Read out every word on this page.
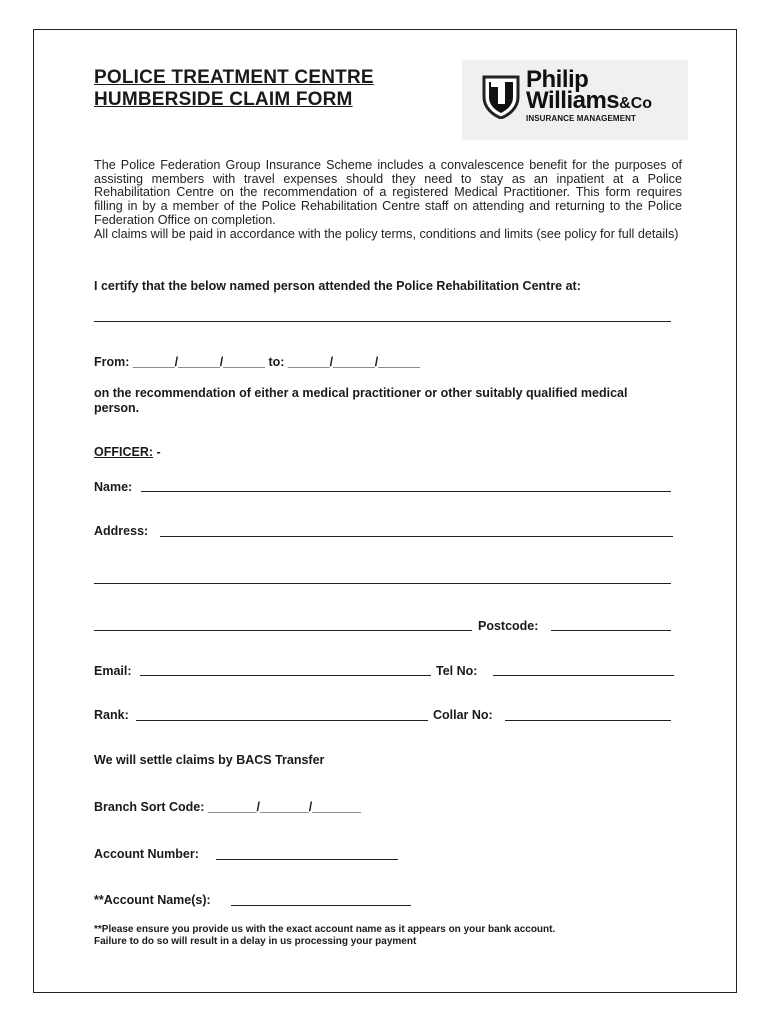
POLICE TREATMENT CENTRE
HUMBERSIDE CLAIM FORM
Philip
Williams&Co
INSURANCE MANAGEMENT

The Police Federation Group Insurance Scheme includes a convalescence benefit for the purposes of assisting members with travel expenses should they need to stay as an inpatient at a Police Rehabilitation Centre on the recommendation of a registered Medical Practitioner. This form requires filling in by a member of the Police Rehabilitation Centre staff on attending and returning to the Police Federation Office on completion.

All claims will be paid in accordance with the policy terms, conditions and limits (see policy for full details)

I certify that the below named person attended the Police Rehabilitation Centre at:
From: ______/______/______ to: ______/______/______
on the recommendation of either a medical practitioner or other suitably qualified medical
person.
OFFICER: -
Name:
Address:
Postcode:
Email:	Tel No:
Rank:	Collar No:
We will settle claims by BACS Transfer
Branch Sort Code: _______/_______/_______
Account Number:
**Account Name(s):
**Please ensure you provide us with the exact account name as it appears on your bank account.
Failure to do so will result in a delay in us processing your payment
